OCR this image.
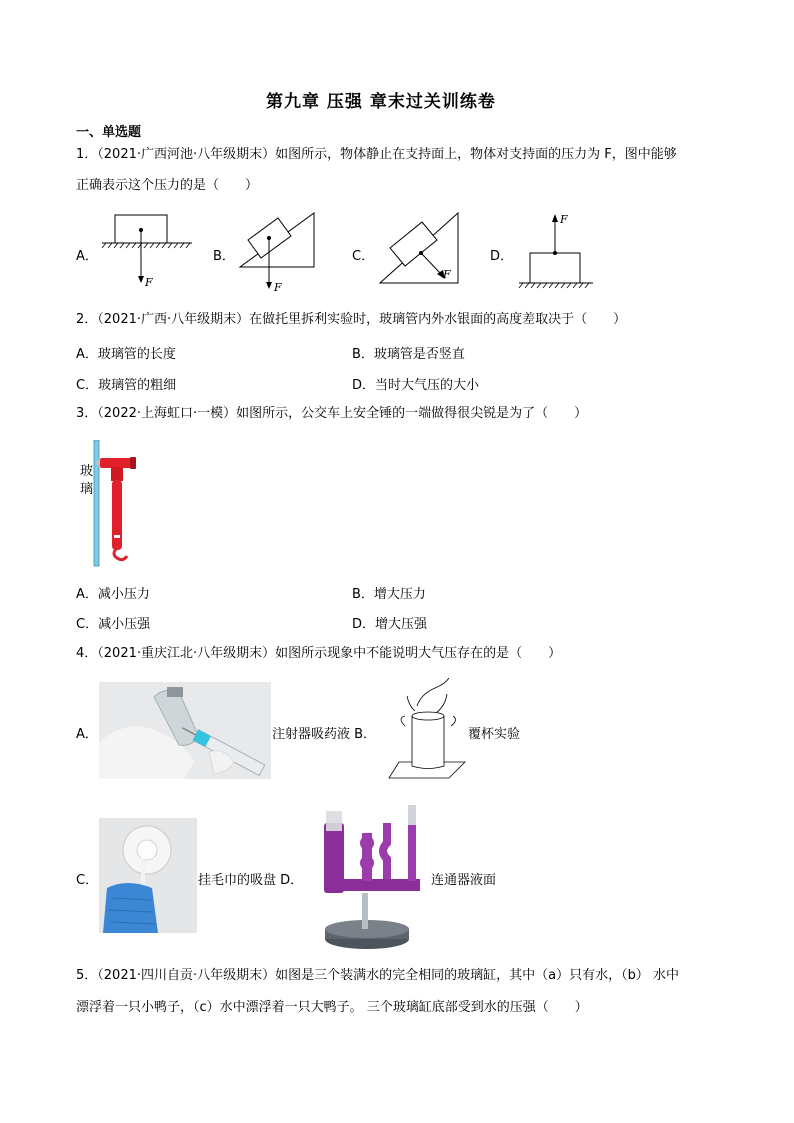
第九章 压强 章末过关训练卷
一、单选题
1．（2021·广西河池·八年级期末）如图所示，物体静止在支持面上，物体对支持面的压力为 F，图中能够
正确表示这个压力的是（　　）
A．
F
B．
F
C．
F
D．
F
2．（2021·广西·八年级期末）在做托里拆利实验时，玻璃管内外水银面的高度差取决于（　　）
A．玻璃管的长度	B．玻璃管是否竖直
C．玻璃管的粗细	D．当时大气压的大小
3．（2022·上海虹口·一模）如图所示，公交车上安全锤的一端做得很尖锐是为了（　　）
玻
璃
A．减小压力	B．增大压力
C．减小压强	D．增大压强
4．（2021·重庆江北·八年级期末）如图所示现象中不能说明大气压存在的是（　　）
A．	注射器吸药液 B．	覆杯实验
C．	挂毛巾的吸盘 D．	连通器液面
5．（2021·四川自贡·八年级期末）如图是三个装满水的完全相同的玻璃缸，其中（a）只有水，（b） 水中
漂浮着一只小鸭子，（c）水中漂浮着一只大鸭子。 三个玻璃缸底部受到水的压强（　　）
